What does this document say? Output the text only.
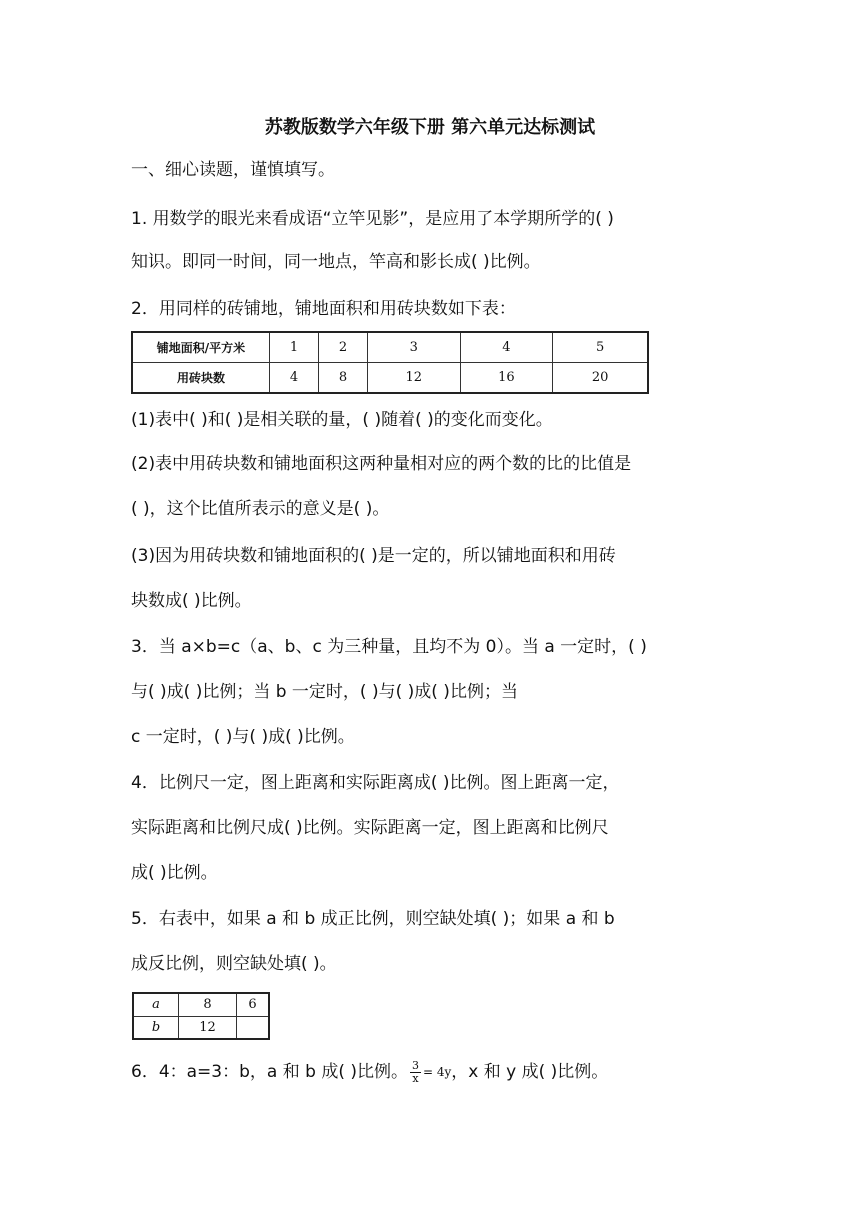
苏教版数学六年级下册 第六单元达标测试
一、细心读题，谨慎填写。
1. 用数学的眼光来看成语“立竿见影”，是应用了本学期所学的( )
知识。即同一时间，同一地点，竿高和影长成( )比例。
2．用同样的砖铺地，铺地面积和用砖块数如下表：
铺地面积/平方米	1	2	3	4	5
用砖块数	4	8	12	16	20
(1)表中( )和( )是相关联的量，( )随着( )的变化而变化。
(2)表中用砖块数和铺地面积这两种量相对应的两个数的比的比值是
( )，这个比值所表示的意义是( )。
(3)因为用砖块数和铺地面积的( )是一定的，所以铺地面积和用砖
块数成( )比例。
3．当 a×b=c（a、b、c 为三种量，且均不为 0）。当 a 一定时，( )
与( )成( )比例；当 b 一定时，( )与( )成( )比例；当
c 一定时，( )与( )成( )比例。
4．比例尺一定，图上距离和实际距离成( )比例。图上距离一定，
实际距离和比例尺成( )比例。实际距离一定，图上距离和比例尺
成( )比例。
5．右表中，如果 a 和 b 成正比例，则空缺处填( )；如果 a 和 b
成反比例，则空缺处填( )。
a	8	6
b	12	
6．4：a=3：b，a 和 b 成( )比例。 $\frac{3}{x} = 4y$，x 和 y 成( )比例。
